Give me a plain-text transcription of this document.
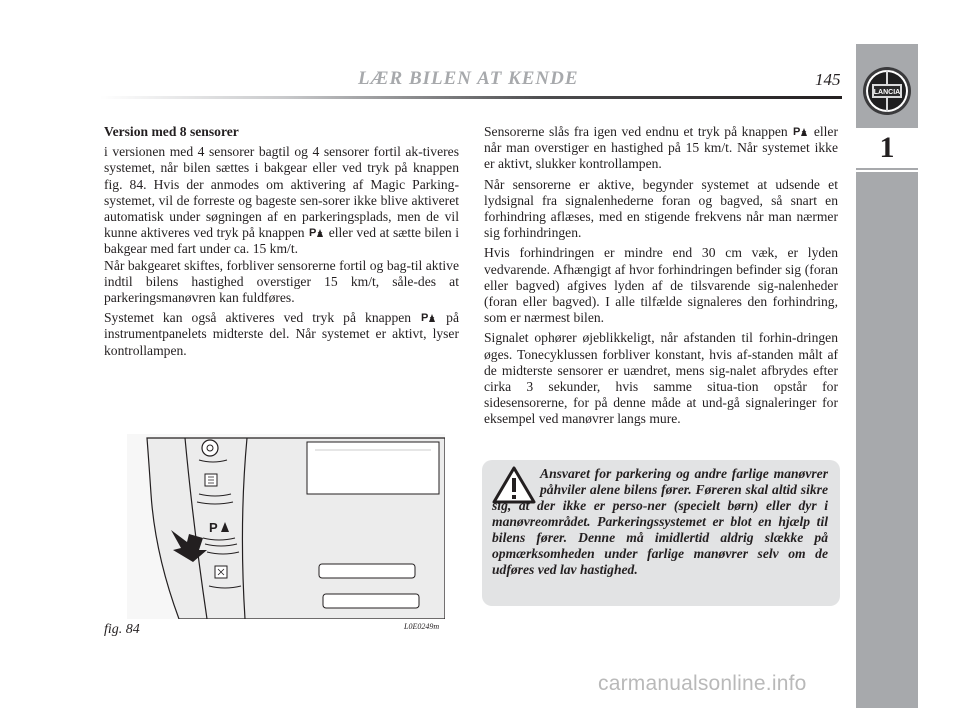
LÆR BILEN AT KENDE	145
LANCIA
1

Version med 8 sensorer

i versionen med 4 sensorer bagtil og 4 sensorer fortil ak-tiveres systemet, når bilen sættes i bakgear eller ved tryk på knappen fig. 84. Hvis der anmodes om aktivering af Magic Parking-systemet, vil de forreste og bageste sen-sorer ikke blive aktiveret automatisk under søgningen af en parkeringsplads, men de vil kunne aktiveres ved tryk på knappen P eller ved at sætte bilen i bakgear med fart under ca. 15 km/t.

Når bakgearet skiftes, forbliver sensorerne fortil og bag-til aktive indtil bilens hastighed overstiger 15 km/t, såle-des at parkeringsmanøvren kan fuldføres.

Systemet kan også aktiveres ved tryk på knappen P på instrumentpanelets midterste del. Når systemet er aktivt, lyser kontrollampen.

Sensorerne slås fra igen ved endnu et tryk på knappen P eller når man overstiger en hastighed på 15 km/t. Når systemet ikke er aktivt, slukker kontrollampen.

Når sensorerne er aktive, begynder systemet at udsende et lydsignal fra signalenhederne foran og bagved, så snart en forhindring aflæses, med en stigende frekvens når man nærmer sig forhindringen.

Hvis forhindringen er mindre end 30 cm væk, er lyden vedvarende. Afhængigt af hvor forhindringen befinder sig (foran eller bagved) afgives lyden af de tilsvarende sig-nalenheder (foran eller bagved). I alle tilfælde signaleres den forhindring, som er nærmest bilen.

Signalet ophører øjeblikkeligt, når afstanden til forhin-dringen øges. Tonecyklussen forbliver konstant, hvis af-standen målt af de midterste sensorer er uændret, mens sig-nalet afbrydes efter cirka 3 sekunder, hvis samme situa-tion opstår for sidesensorerne, for på denne måde at und-gå signaleringer for eksempel ved manøvrer langs mure.

Ansvaret for parkering og andre farlige manøvrer påhviler alene bilens fører. Føreren skal altid sikre sig, at der ikke er perso-ner (specielt børn) eller dyr i manøvreområdet. Parkeringssystemet er blot en hjælp til bilens fører. Denne må imidlertid aldrig slække på opmærksomheden under farlige manøvrer selv om de udføres ved lav hastighed.
P
fig. 84	L0E0249m
carmanualsonline.info
